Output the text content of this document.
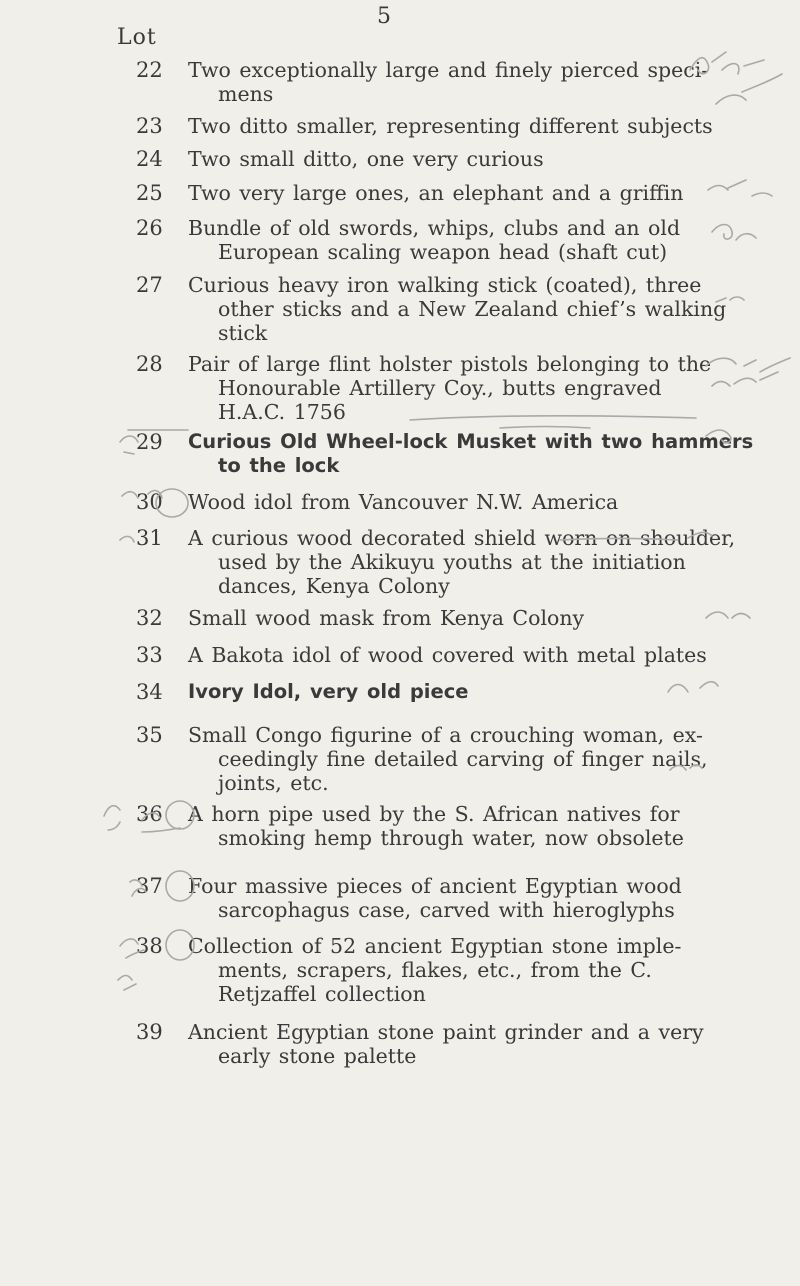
5
Lot
22	Two exceptionally large and finely pierced speci-
mens
23	Two ditto smaller, representing different subjects
24	Two small ditto, one very curious
25	Two very large ones, an elephant and a griffin
26	Bundle of old swords, whips, clubs and an old
European scaling weapon head (shaft cut)
27	Curious heavy iron walking stick (coated), three
other sticks and a New Zealand chief’s walking
stick
28	Pair of large flint holster pistols belonging to the
Honourable Artillery Coy., butts engraved
H.A.C. 1756
29	Curious Old Wheel-lock Musket with two hammers
to the lock
30	Wood idol from Vancouver N.W. America
31	A curious wood decorated shield worn on shoulder,
used by the Akikuyu youths at the initiation
dances, Kenya Colony
32	Small wood mask from Kenya Colony
33	A Bakota idol of wood covered with metal plates
34	Ivory Idol, very old piece
35	Small Congo figurine of a crouching woman, ex-
ceedingly fine detailed carving of finger nails,
joints, etc.
36	A horn pipe used by the S. African natives for
smoking hemp through water, now obsolete
37	Four massive pieces of ancient Egyptian wood
sarcophagus case, carved with hieroglyphs
38	Collection of 52 ancient Egyptian stone imple-
ments, scrapers, flakes, etc., from the C.
Retjzaffel collection
39	Ancient Egyptian stone paint grinder and a very
early stone palette
